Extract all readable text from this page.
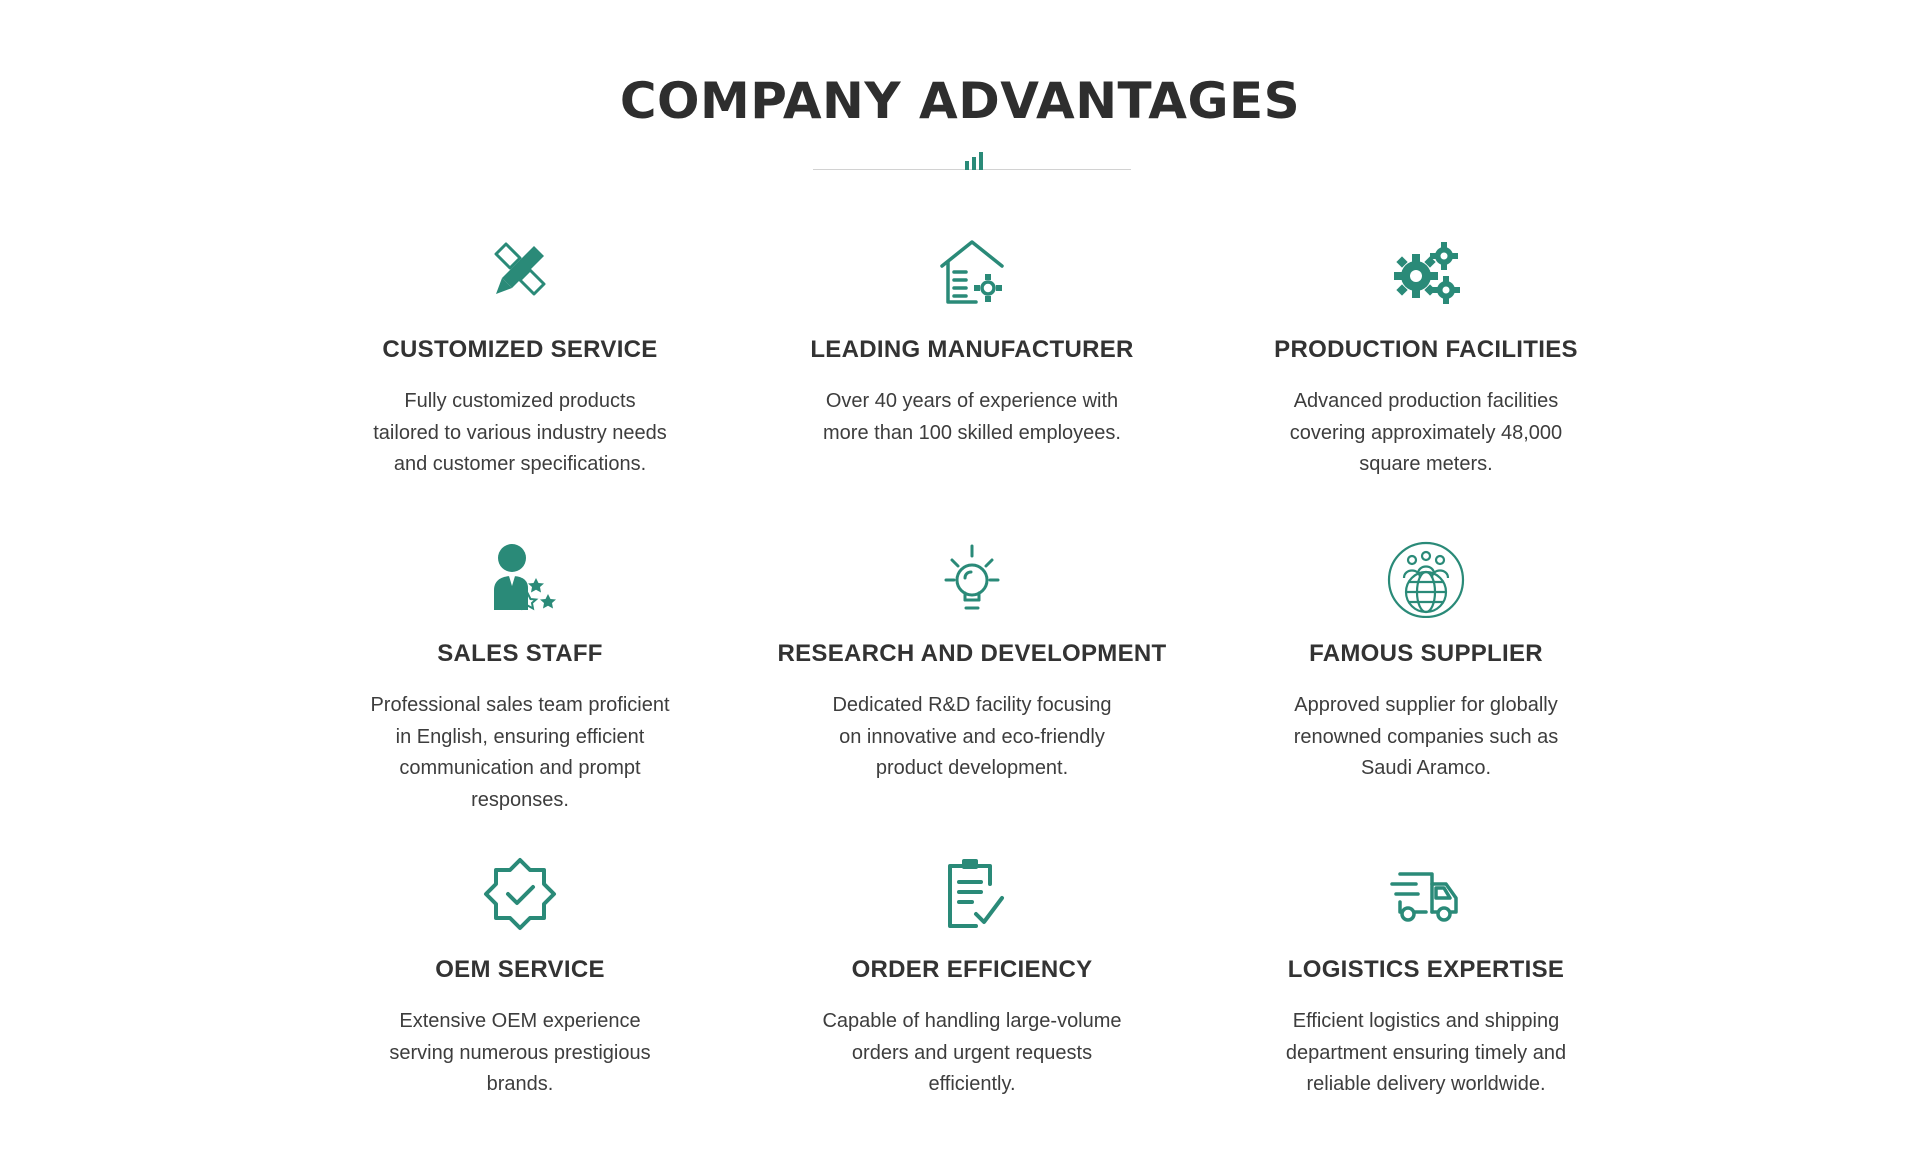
COMPANY ADVANTAGES
CUSTOMIZED SERVICE
Fully customized products tailored to various industry needs and customer specifications.
LEADING MANUFACTURER
Over 40 years of experience with more than 100 skilled employees.
PRODUCTION FACILITIES
Advanced production facilities covering approximately 48,000 square meters.
SALES STAFF
Professional sales team proficient in English, ensuring efficient communication and prompt responses.
RESEARCH AND DEVELOPMENT
Dedicated R&D facility focusing on innovative and eco-friendly product development.
FAMOUS SUPPLIER
Approved supplier for globally renowned companies such as Saudi Aramco.
OEM SERVICE
Extensive OEM experience serving numerous prestigious brands.
ORDER EFFICIENCY
Capable of handling large-volume orders and urgent requests efficiently.
LOGISTICS EXPERTISE
Efficient logistics and shipping department ensuring timely and reliable delivery worldwide.
